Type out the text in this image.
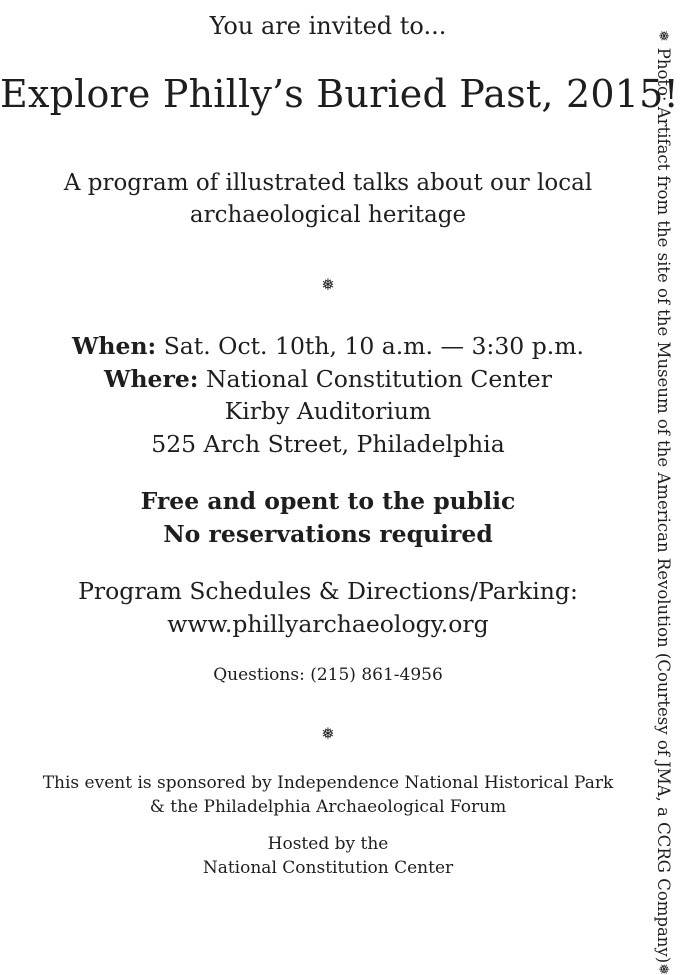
You are invited to...
Explore Philly’s Buried Past, 2015!
A program of illustrated talks about our local
archaeological heritage
❅
When: Sat. Oct. 10th, 10 a.m. — 3:30 p.m.
Where: National Constitution Center
Kirby Auditorium
525 Arch Street, Philadelphia
Free and opent to the public
No reservations required
Program Schedules & Directions/Parking:
www.phillyarchaeology.org
Questions: (215) 861-4956
❅
This event is sponsored by Independence National Historical Park
& the Philadelphia Archaeological Forum
Hosted by the
National Constitution Center
❅
Photo: Artifact from the site of the Museum of the American Revolution (Courtesy of JMA, a CCRG Company)
❅
